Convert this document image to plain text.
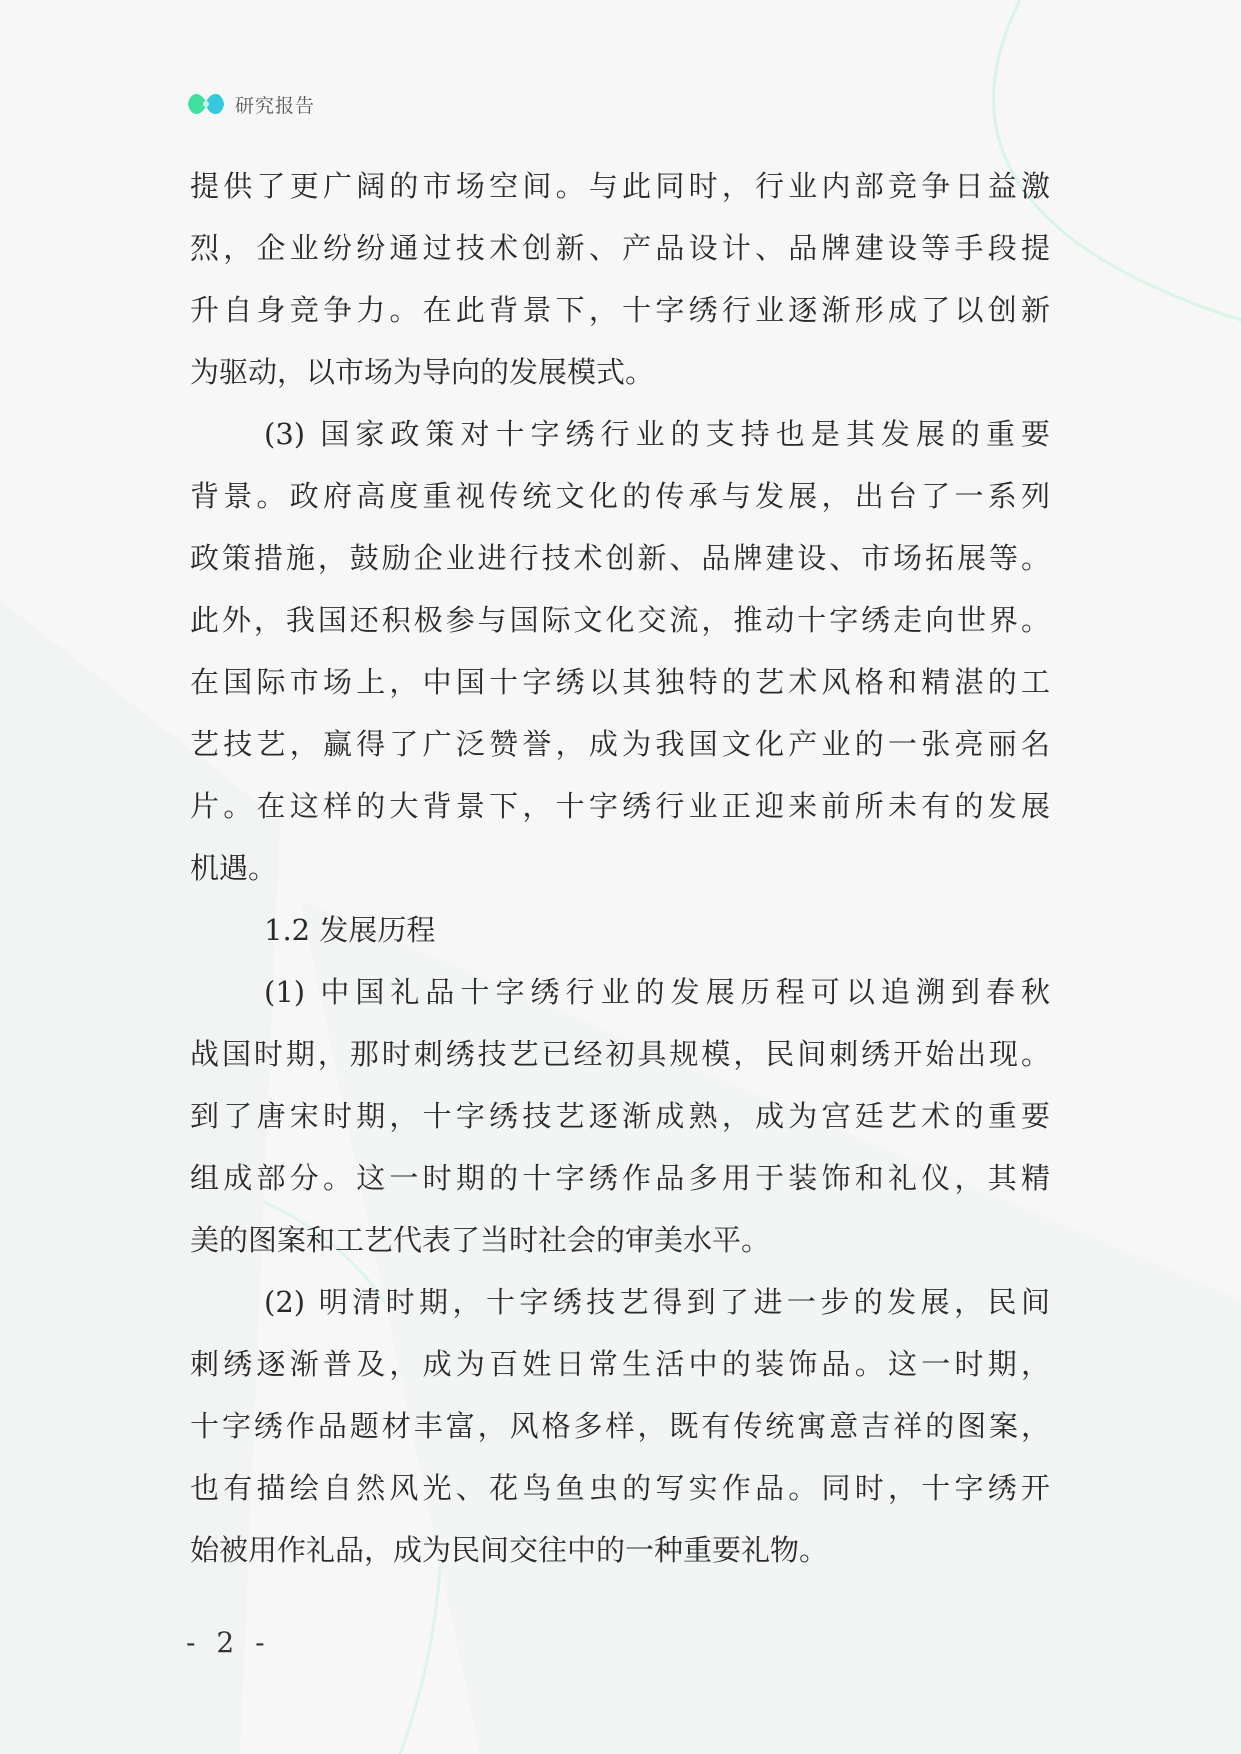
研究报告
提供了更广阔的市场空间。与此同时，行业内部竞争日益激
烈，企业纷纷通过技术创新、产品设计、品牌建设等手段提
升自身竞争力。在此背景下，十字绣行业逐渐形成了以创新
为驱动，以市场为导向的发展模式。
(3) 国家政策对十字绣行业的支持也是其发展的重要
背景。政府高度重视传统文化的传承与发展，出台了一系列
政策措施，鼓励企业进行技术创新、品牌建设、市场拓展等。
此外，我国还积极参与国际文化交流，推动十字绣走向世界。
在国际市场上，中国十字绣以其独特的艺术风格和精湛的工
艺技艺，赢得了广泛赞誉，成为我国文化产业的一张亮丽名
片。在这样的大背景下，十字绣行业正迎来前所未有的发展
机遇。
1.2 发展历程
(1) 中国礼品十字绣行业的发展历程可以追溯到春秋
战国时期，那时刺绣技艺已经初具规模，民间刺绣开始出现。
到了唐宋时期，十字绣技艺逐渐成熟，成为宫廷艺术的重要
组成部分。这一时期的十字绣作品多用于装饰和礼仪，其精
美的图案和工艺代表了当时社会的审美水平。
(2) 明清时期，十字绣技艺得到了进一步的发展，民间
刺绣逐渐普及，成为百姓日常生活中的装饰品。这一时期，
十字绣作品题材丰富，风格多样，既有传统寓意吉祥的图案，
也有描绘自然风光、花鸟鱼虫的写实作品。同时，十字绣开
始被用作礼品，成为民间交往中的一种重要礼物。
- 2 -
